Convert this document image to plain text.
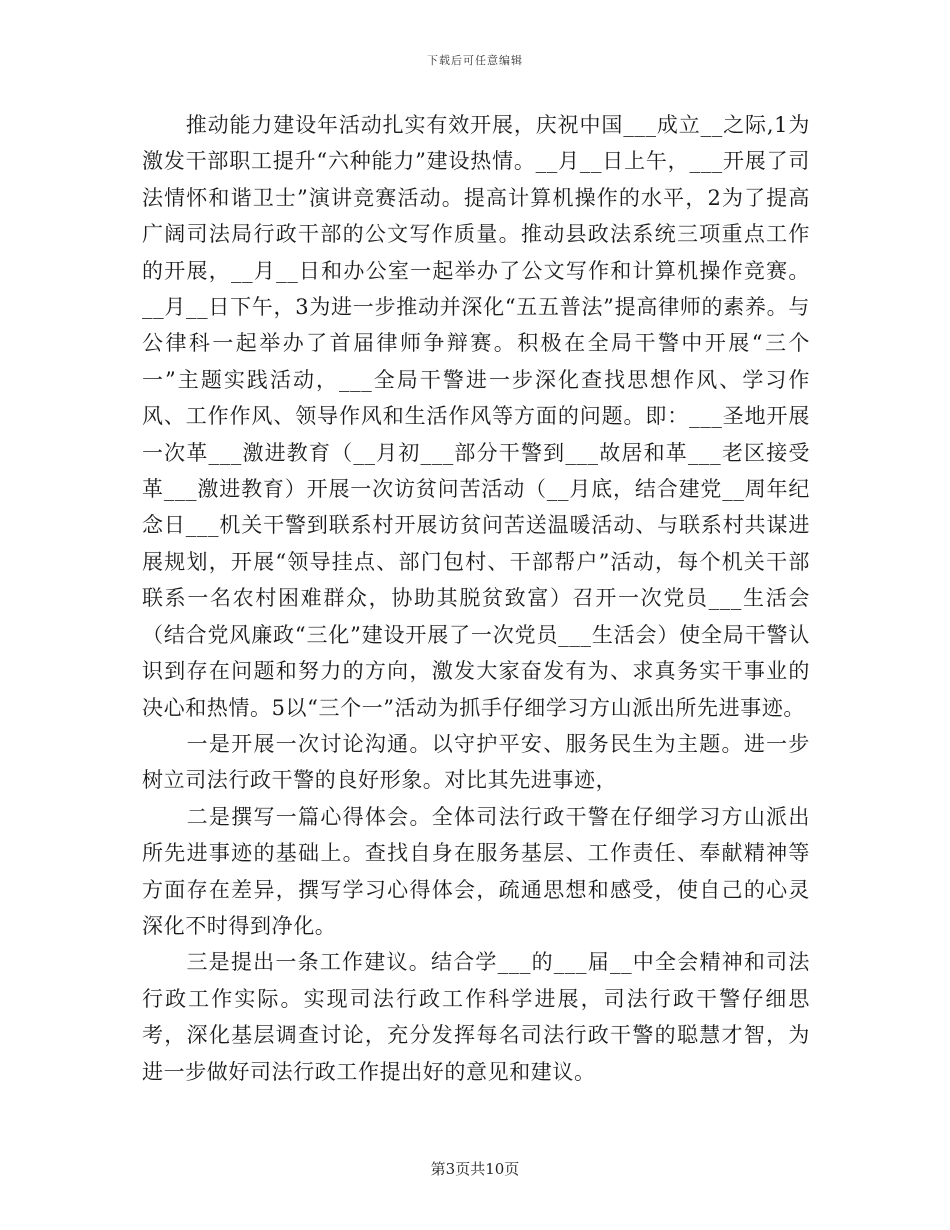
下载后可任意编辑

　　推动能力建设年活动扎实有效开展，庆祝中国___成立__之际,1为激发干部职工提升“六种能力”建设热情。__月__日上午，___开展了司法情怀和谐卫士”演讲竞赛活动。提高计算机操作的水平，2为了提高广阔司法局行政干部的公文写作质量。推动县政法系统三项重点工作的开展，__月__日和办公室一起举办了公文写作和计算机操作竞赛。__月__日下午，3为进一步推动并深化“五五普法”提高律师的素养。与公律科一起举办了首届律师争辩赛。积极在全局干警中开展“三个一”主题实践活动，___全局干警进一步深化查找思想作风、学习作风、工作作风、领导作风和生活作风等方面的问题。即：___圣地开展一次革___激进教育（__月初___部分干警到___故居和革___老区接受革___激进教育）开展一次访贫问苦活动（__月底，结合建党__周年纪念日___机关干警到联系村开展访贫问苦送温暖活动、与联系村共谋进展规划，开展“领导挂点、部门包村、干部帮户”活动，每个机关干部联系一名农村困难群众，协助其脱贫致富）召开一次党员___生活会（结合党风廉政“三化”建设开展了一次党员___生活会）使全局干警认识到存在问题和努力的方向，激发大家奋发有为、求真务实干事业的决心和热情。5以“三个一”活动为抓手仔细学习方山派出所先进事迹。

　　一是开展一次讨论沟通。以守护平安、服务民生为主题。进一步树立司法行政干警的良好形象。对比其先进事迹，

　　二是撰写一篇心得体会。全体司法行政干警在仔细学习方山派出所先进事迹的基础上。查找自身在服务基层、工作责任、奉献精神等方面存在差异，撰写学习心得体会，疏通思想和感受，使自己的心灵深化不时得到净化。

　　三是提出一条工作建议。结合学___的___届__中全会精神和司法行政工作实际。实现司法行政工作科学进展，司法行政干警仔细思考，深化基层调查讨论，充分发挥每名司法行政干警的聪慧才智，为进一步做好司法行政工作提出好的意见和建议。

第3页共10页
